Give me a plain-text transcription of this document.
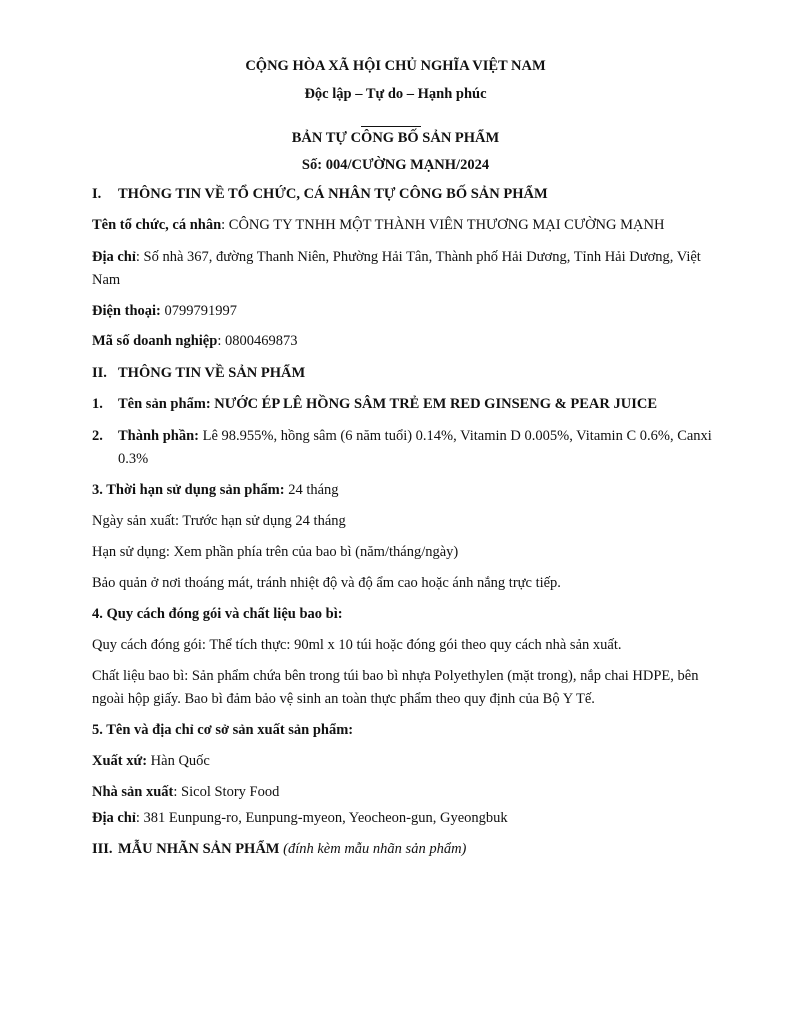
CỘNG HÒA XÃ HỘI CHỦ NGHĨA VIỆT NAM
Độc lập – Tự do – Hạnh phúc
BẢN TỰ CÔNG BỐ SẢN PHẨM
Số: 004/CƯỜNG MẠNH/2024
I. THÔNG TIN VỀ TỔ CHỨC, CÁ NHÂN TỰ CÔNG BỐ SẢN PHẨM
Tên tổ chức, cá nhân: CÔNG TY TNHH MỘT THÀNH VIÊN THƯƠNG MẠI CƯỜNG MẠNH
Địa chỉ: Số nhà 367, đường Thanh Niên, Phường Hải Tân, Thành phố Hải Dương, Tỉnh Hải Dương, Việt
Nam
Điện thoại: 0799791997
Mã số doanh nghiệp: 0800469873
II. THÔNG TIN VỀ SẢN PHẨM
1. Tên sản phẩm: NƯỚC ÉP LÊ HỒNG SÂM TRẺ EM RED GINSENG & PEAR JUICE
2. Thành phần: Lê 98.955%, hồng sâm (6 năm tuổi) 0.14%, Vitamin D 0.005%, Vitamin C 0.6%, Canxi
0.3%
3. Thời hạn sử dụng sản phẩm: 24 tháng
Ngày sản xuất: Trước hạn sử dụng 24 tháng
Hạn sử dụng: Xem phần phía trên của bao bì (năm/tháng/ngày)
Bảo quản ở nơi thoáng mát, tránh nhiệt độ và độ ẩm cao hoặc ánh nắng trực tiếp.
4. Quy cách đóng gói và chất liệu bao bì:
Quy cách đóng gói: Thể tích thực: 90ml x 10 túi hoặc đóng gói theo quy cách nhà sản xuất.
Chất liệu bao bì: Sản phẩm chứa bên trong túi bao bì nhựa Polyethylen (mặt trong), nắp chai HDPE, bên
ngoài hộp giấy. Bao bì đảm bảo vệ sinh an toàn thực phẩm theo quy định của Bộ Y Tế.
5. Tên và địa chỉ cơ sở sản xuất sản phẩm:
Xuất xứ: Hàn Quốc
Nhà sản xuất: Sicol Story Food
Địa chỉ: 381 Eunpung-ro, Eunpung-myeon, Yeocheon-gun, Gyeongbuk
III. MẪU NHÃN SẢN PHẨM (đính kèm mẫu nhãn sản phẩm)
